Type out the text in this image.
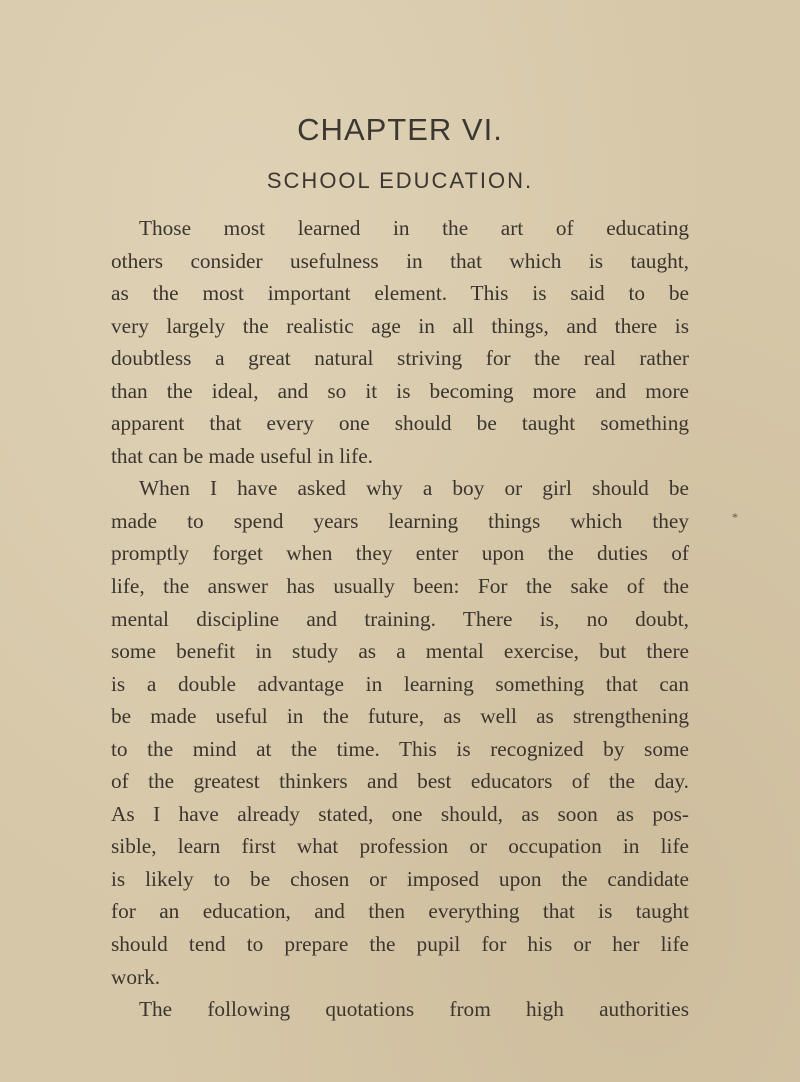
CHAPTER VI.
SCHOOL EDUCATION.
Those most learned in the art of educating
others consider usefulness in that which is taught,
as the most important element. This is said to be
very largely the realistic age in all things, and there is
doubtless a great natural striving for the real rather
than the ideal, and so it is becoming more and more
apparent that every one should be taught something
that can be made useful in life.
When I have asked why a boy or girl should be
made to spend years learning things which they
promptly forget when they enter upon the duties of
life, the answer has usually been: For the sake of the
mental discipline and training. There is, no doubt,
some benefit in study as a mental exercise, but there
is a double advantage in learning something that can
be made useful in the future, as well as strengthening
to the mind at the time. This is recognized by some
of the greatest thinkers and best educators of the day.
As I have already stated, one should, as soon as pos-
sible, learn first what profession or occupation in life
is likely to be chosen or imposed upon the candidate
for an education, and then everything that is taught
should tend to prepare the pupil for his or her life
work.
The following quotations from high authorities
*
